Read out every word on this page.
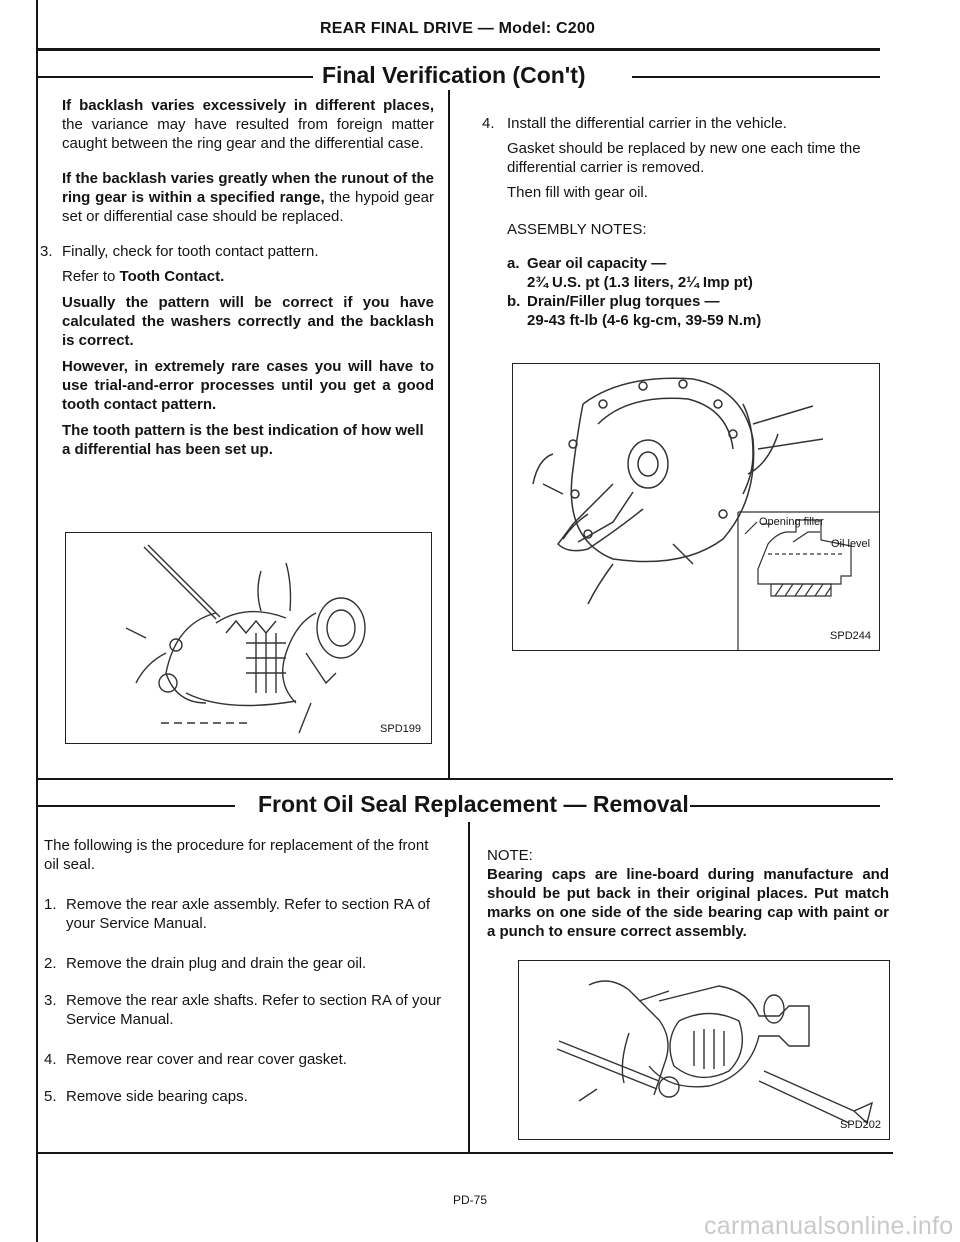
REAR FINAL DRIVE — Model: C200
Final Verification (Con't)

If backlash varies excessively in different places, the variance may have resulted from foreign matter caught between the ring gear and the differential case.

If the backlash varies greatly when the runout of the ring gear is within a specified range, the hypoid gear set or differential case should be replaced.

3. Finally, check for tooth contact pattern.

Refer to Tooth Contact.

Usually the pattern will be correct if you have calculated the washers correctly and the backlash is correct.

However, in extremely rare cases you will have to use trial-and-error processes until you get a good tooth contact pattern.

The tooth pattern is the best indication of how well a differential has been set up.

SPD199
4. Install the differential carrier in the vehicle.

Gasket should be replaced by new one each time the differential carrier is removed.

Then fill with gear oil.

ASSEMBLY NOTES:

a. Gear oil capacity —

2¾ U.S. pt (1.3 liters, 2¼ Imp pt)

b. Drain/Filler plug torques —

29-43 ft-lb (4-6 kg-cm, 39-59 N.m)

Opening filler
Oil level
SPD244
Front Oil Seal Replacement — Removal

The following is the procedure for replacement of the front oil seal.

1. Remove the rear axle assembly. Refer to section RA of your Service Manual.
2. Remove the drain plug and drain the gear oil.
3. Remove the rear axle shafts. Refer to section RA of your Service Manual.
4. Remove rear cover and rear cover gasket.
5. Remove side bearing caps.

NOTE:

Bearing caps are line-board during manufacture and should be put back in their original places. Put match marks on one side of the side bearing cap with paint or a punch to ensure correct assembly.

SPD202
PD-75
carmanualsonline.info
